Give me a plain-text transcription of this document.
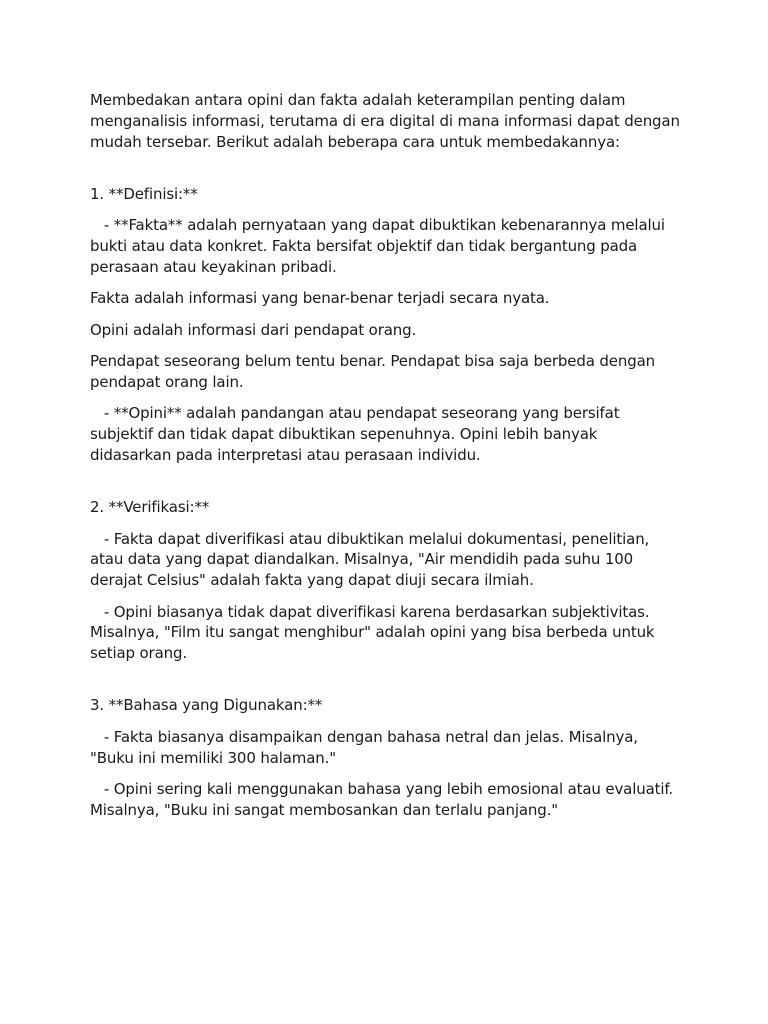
Membedakan antara opini dan fakta adalah keterampilan penting dalam menganalisis informasi, terutama di era digital di mana informasi dapat dengan mudah tersebar. Berikut adalah beberapa cara untuk membedakannya:

1. **Definisi:**

- **Fakta** adalah pernyataan yang dapat dibuktikan kebenarannya melalui bukti atau data konkret. Fakta bersifat objektif dan tidak bergantung pada perasaan atau keyakinan pribadi.

Fakta adalah informasi yang benar-benar terjadi secara nyata.

Opini adalah informasi dari pendapat orang.

Pendapat seseorang belum tentu benar. Pendapat bisa saja berbeda dengan pendapat orang lain.

- **Opini** adalah pandangan atau pendapat seseorang yang bersifat subjektif dan tidak dapat dibuktikan sepenuhnya. Opini lebih banyak didasarkan pada interpretasi atau perasaan individu.

2. **Verifikasi:**

- Fakta dapat diverifikasi atau dibuktikan melalui dokumentasi, penelitian, atau data yang dapat diandalkan. Misalnya, "Air mendidih pada suhu 100 derajat Celsius" adalah fakta yang dapat diuji secara ilmiah.

- Opini biasanya tidak dapat diverifikasi karena berdasarkan subjektivitas. Misalnya, "Film itu sangat menghibur" adalah opini yang bisa berbeda untuk setiap orang.

3. **Bahasa yang Digunakan:**

- Fakta biasanya disampaikan dengan bahasa netral dan jelas. Misalnya, "Buku ini memiliki 300 halaman."

- Opini sering kali menggunakan bahasa yang lebih emosional atau evaluatif. Misalnya, "Buku ini sangat membosankan dan terlalu panjang."
